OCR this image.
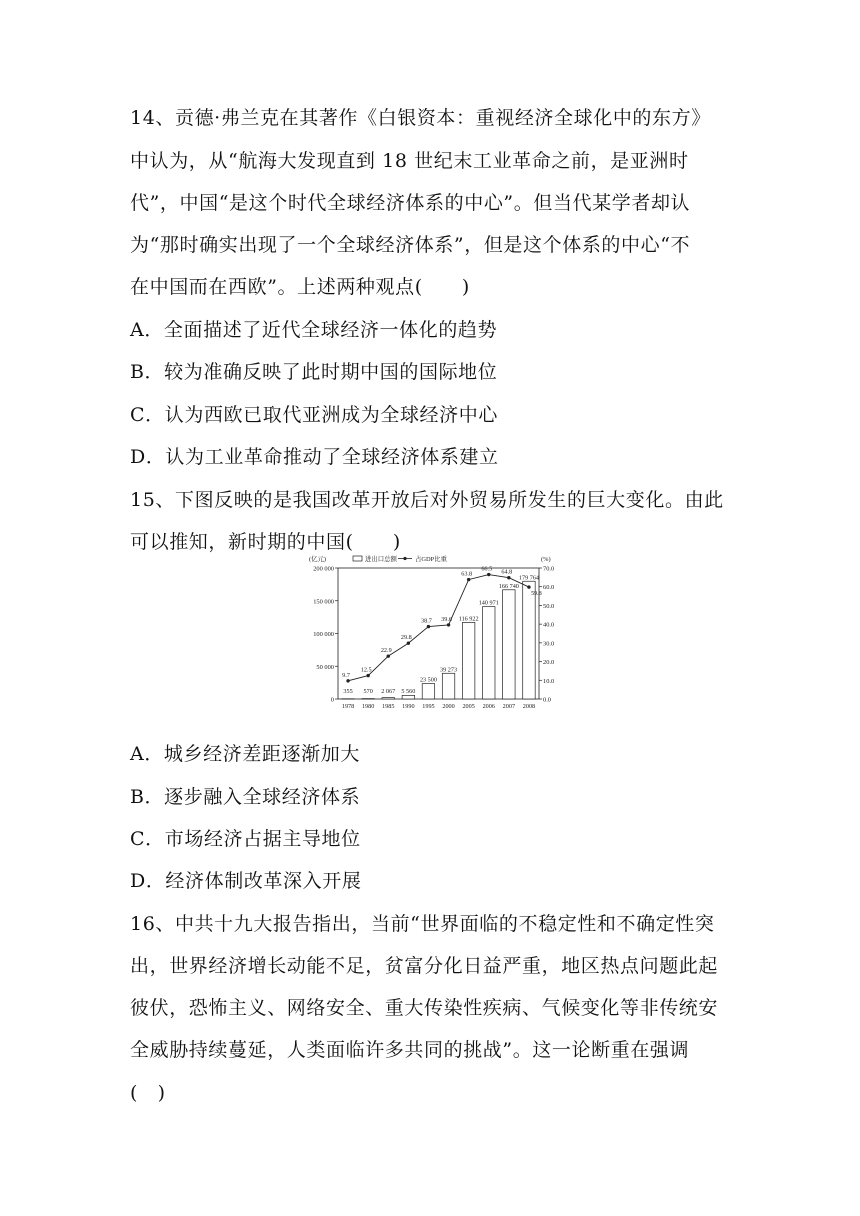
14、贡德·弗兰克在其著作《白银资本：重视经济全球化中的东方》
中认为，从“航海大发现直到 18 世纪末工业革命之前，是亚洲时
代”，中国“是这个时代全球经济体系的中心”。但当代某学者却认
为“那时确实出现了一个全球经济体系”，但是这个体系的中心“不
在中国而在西欧”。上述两种观点(　　)
A．全面描述了近代全球经济一体化的趋势
B．较为准确反映了此时期中国的国际地位
C．认为西欧已取代亚洲成为全球经济中心
D．认为工业革命推动了全球经济体系建立
15、下图反映的是我国改革开放后对外贸易所发生的巨大变化。由此
可以推知，新时期的中国(　　)
200 000
150 000
100 000
50 000
0
70.0
60.0
50.0
40.0
30.0
20.0
10.0
0.0
(亿元)	(%)
进出口总额	占GDP比重
355 570 2 067 5 560
23 500
39 273
116 922
140 971
166 740
179 764
9.7
12.5
22.9
29.8
38.7 39.6
63.8
66.5 64.8
59.8
1978 1980 1985 1990 1995 2000 2005 2006 2007 2008
A．城乡经济差距逐渐加大
B．逐步融入全球经济体系
C．市场经济占据主导地位
D．经济体制改革深入开展
16、中共十九大报告指出，当前“世界面临的不稳定性和不确定性突
出，世界经济增长动能不足，贫富分化日益严重，地区热点问题此起
彼伏，恐怖主义、网络安全、重大传染性疾病、气候变化等非传统安
全威胁持续蔓延，人类面临许多共同的挑战”。这一论断重在强调
(　)
